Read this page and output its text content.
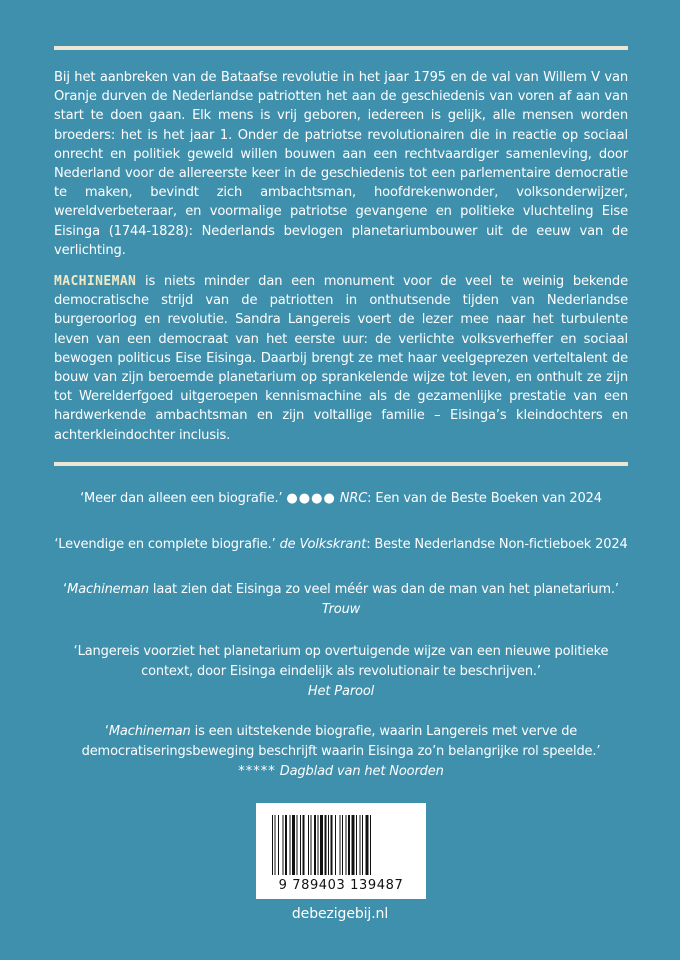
Bij het aanbreken van de Bataafse revolutie in het jaar 1795 en de val van Willem V van Oranje durven de Nederlandse patriotten het aan de geschiedenis van voren af aan van start te doen gaan. Elk mens is vrij geboren, iedereen is gelijk, alle mensen worden broeders: het is het jaar 1. Onder de patriotse revolutionairen die in reactie op sociaal onrecht en politiek geweld willen bouwen aan een rechtvaardiger samenleving, door Nederland voor de allereerste keer in de geschiedenis tot een parlementaire democratie te maken, bevindt zich ambachtsman, hoofdrekenwonder, volksonderwijzer, wereldverbeteraar, en voormalige patriotse gevangene en politieke vluchteling Eise Eisinga (1744-1828): Nederlands bevlogen planetariumbouwer uit de eeuw van de verlichting.

MACHINEMAN is niets minder dan een monument voor de veel te weinig bekende democratische strijd van de patriotten in onthutsende tijden van Nederlandse burgeroorlog en revolutie. Sandra Langereis voert de lezer mee naar het turbulente leven van een democraat van het eerste uur: de verlichte volksverheffer en sociaal bewogen politicus Eise Eisinga. Daarbij brengt ze met haar veelgeprezen verteltalent de bouw van zijn beroemde planetarium op sprankelende wijze tot leven, en onthult ze zijn tot Werelderfgoed uitgeroepen kennismachine als de gezamenlijke prestatie van een hardwerkende ambachtsman en zijn voltallige familie – Eisinga’s kleindochters en achterkleindochter inclusis.

‘Meer dan alleen een biografie.’ ●●●● NRC: Een van de Beste Boeken van 2024
‘Levendige en complete biografie.’ de Volkskrant: Beste Nederlandse Non-fictieboek 2024
‘Machineman laat zien dat Eisinga zo veel méér was dan de man van het planetarium.’
Trouw
‘Langereis voorziet het planetarium op overtuigende wijze van een nieuwe politieke
context, door Eisinga eindelijk als revolutionair te beschrijven.’
Het Parool
‘Machineman is een uitstekende biografie, waarin Langereis met verve de
democratiseringsbeweging beschrijft waarin Eisinga zo’n belangrijke rol speelde.’
***** Dagblad van het Noorden
9 789403 139487
debezigebij.nl
